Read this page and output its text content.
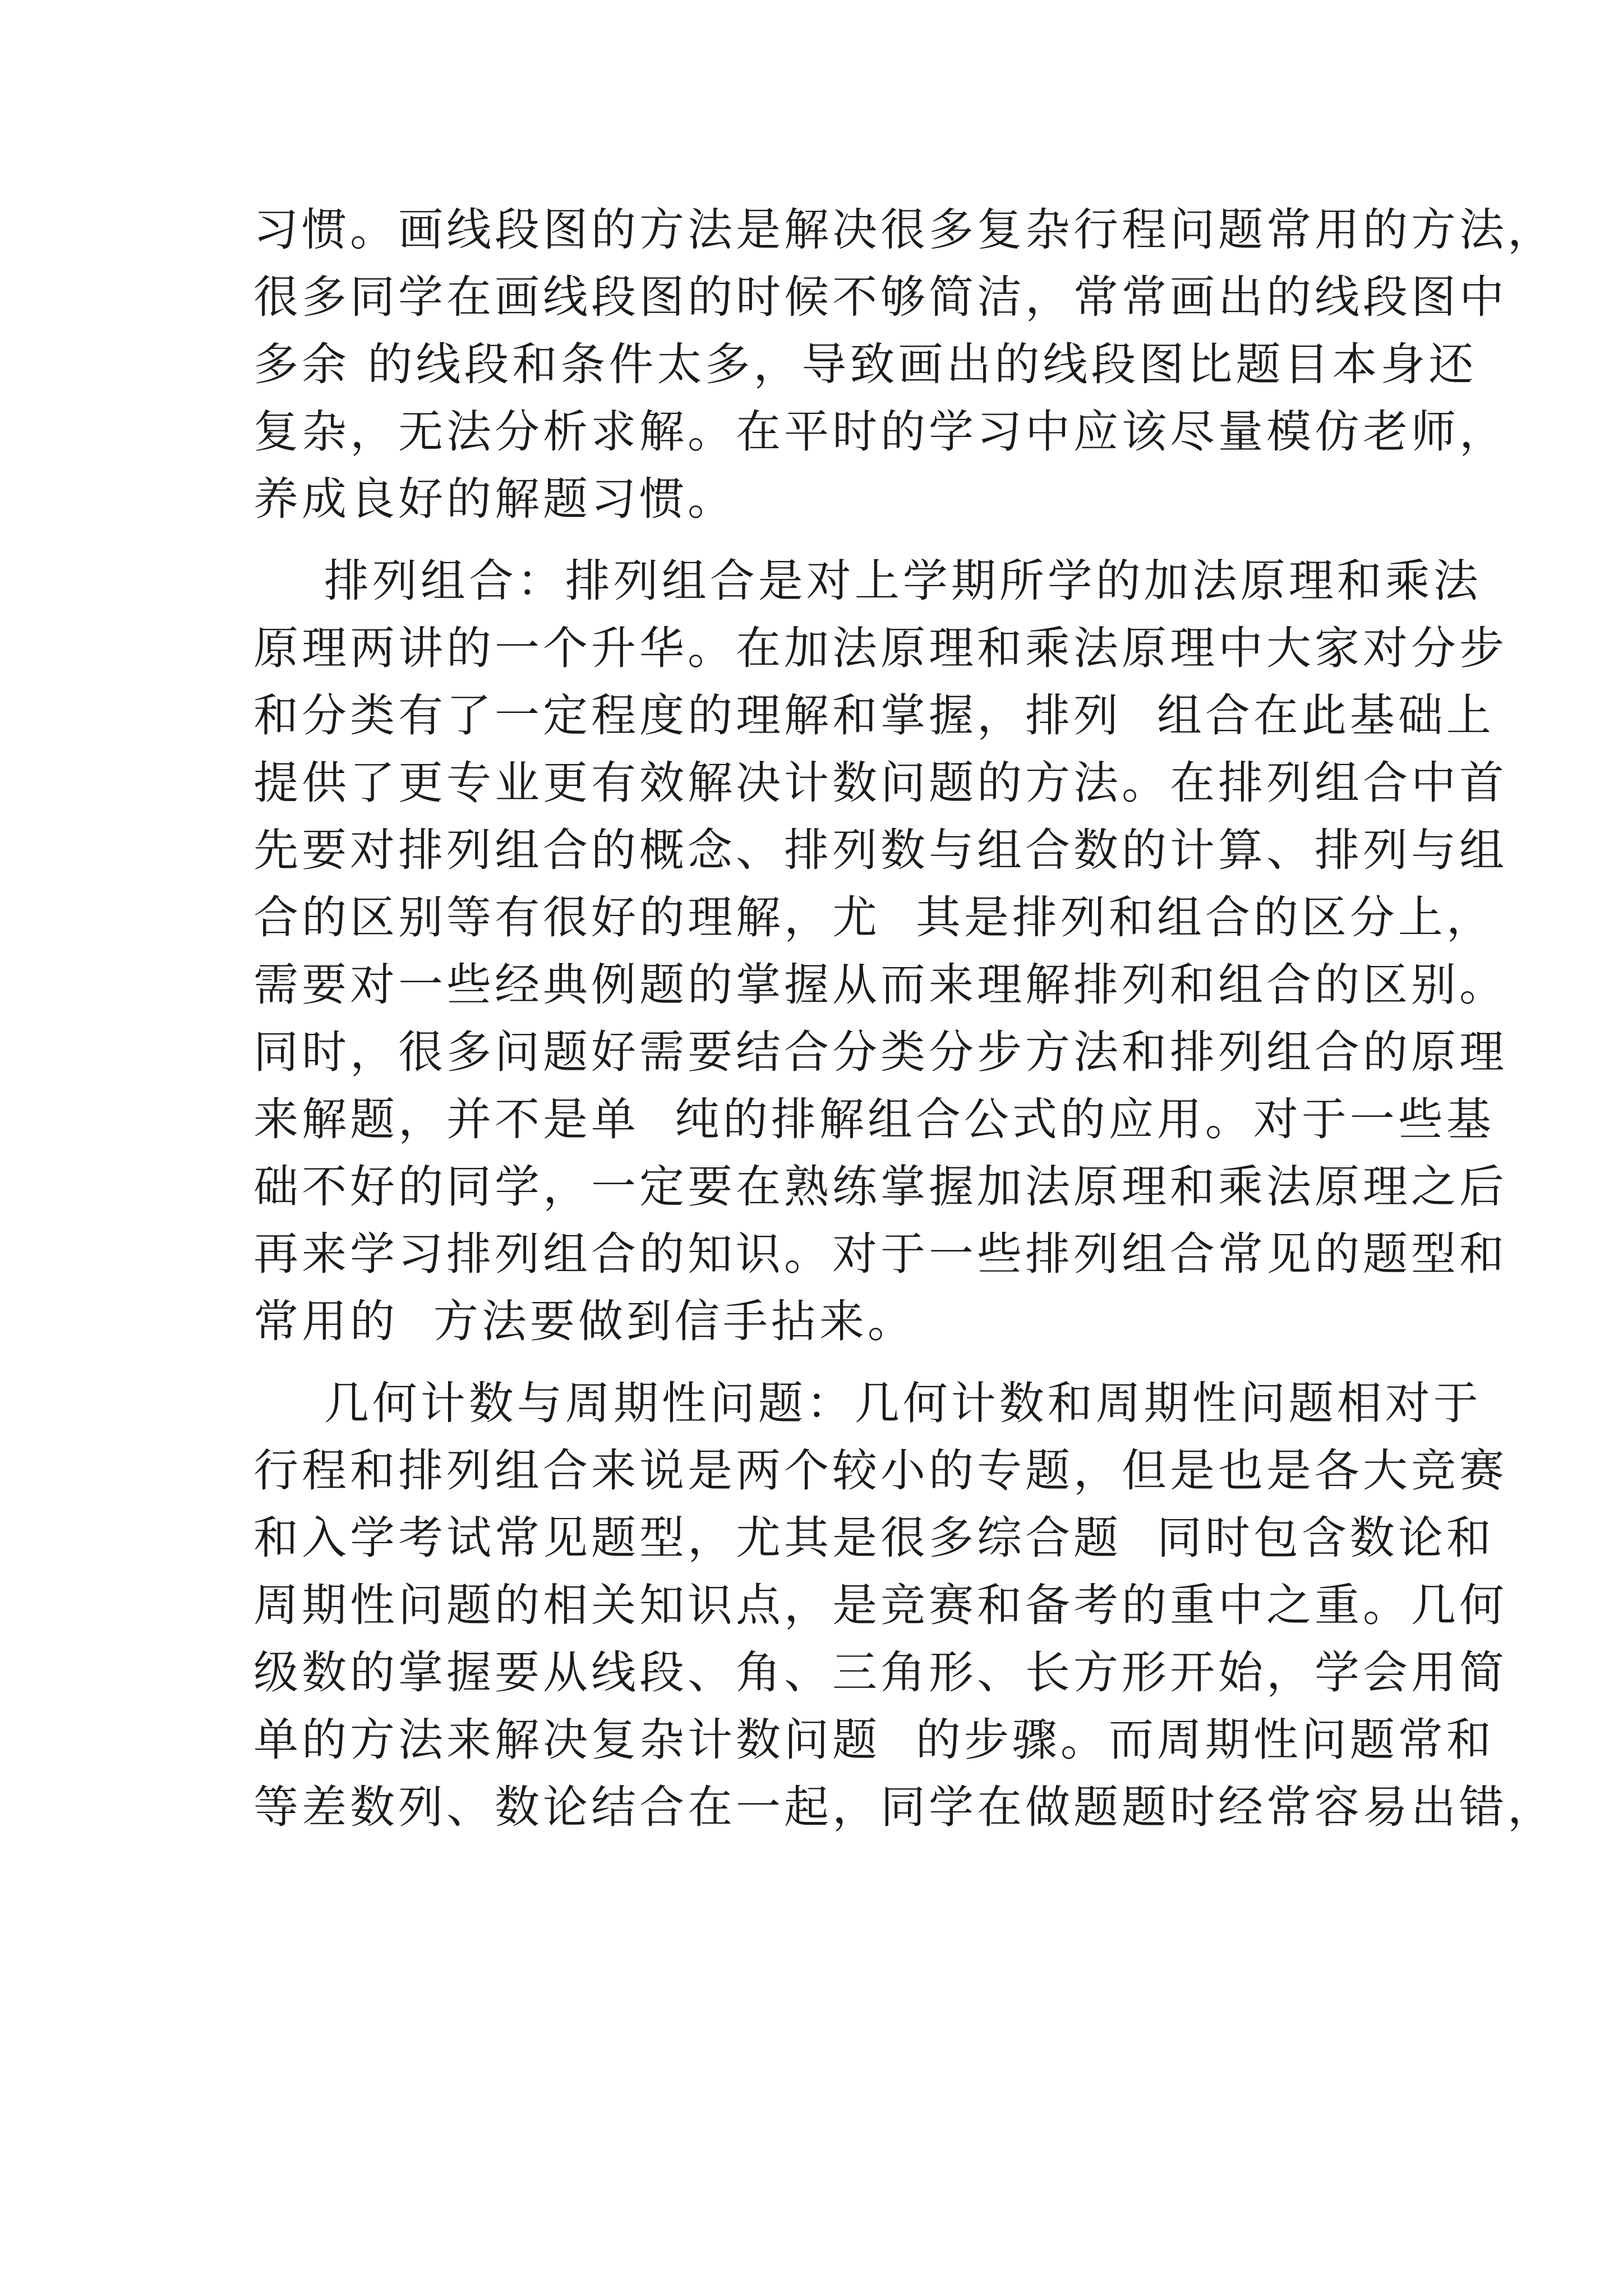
习惯。画线段图的方法是解决很多复杂行程问题常用的方法，
很多同学在画线段图的时候不够简洁，常常画出的线段图中
多余 的线段和条件太多，导致画出的线段图比题目本身还
复杂，无法分析求解。在平时的学习中应该尽量模仿老师，
养成良好的解题习惯。
排列组合：排列组合是对上学期所学的加法原理和乘法
原理两讲的一个升华。在加法原理和乘法原理中大家对分步
和分类有了一定程度的理解和掌握，排列  组合在此基础上
提供了更专业更有效解决计数问题的方法。在排列组合中首
先要对排列组合的概念、排列数与组合数的计算、排列与组
合的区别等有很好的理解，尤  其是排列和组合的区分上，
需要对一些经典例题的掌握从而来理解排列和组合的区别。
同时，很多问题好需要结合分类分步方法和排列组合的原理
来解题，并不是单  纯的排解组合公式的应用。对于一些基
础不好的同学，一定要在熟练掌握加法原理和乘法原理之后
再来学习排列组合的知识。对于一些排列组合常见的题型和
常用的  方法要做到信手拈来。
几何计数与周期性问题：几何计数和周期性问题相对于
行程和排列组合来说是两个较小的专题，但是也是各大竞赛
和入学考试常见题型，尤其是很多综合题  同时包含数论和
周期性问题的相关知识点，是竞赛和备考的重中之重。几何
级数的掌握要从线段、角、三角形、长方形开始，学会用简
单的方法来解决复杂计数问题  的步骤。而周期性问题常和
等差数列、数论结合在一起，同学在做题题时经常容易出错，
